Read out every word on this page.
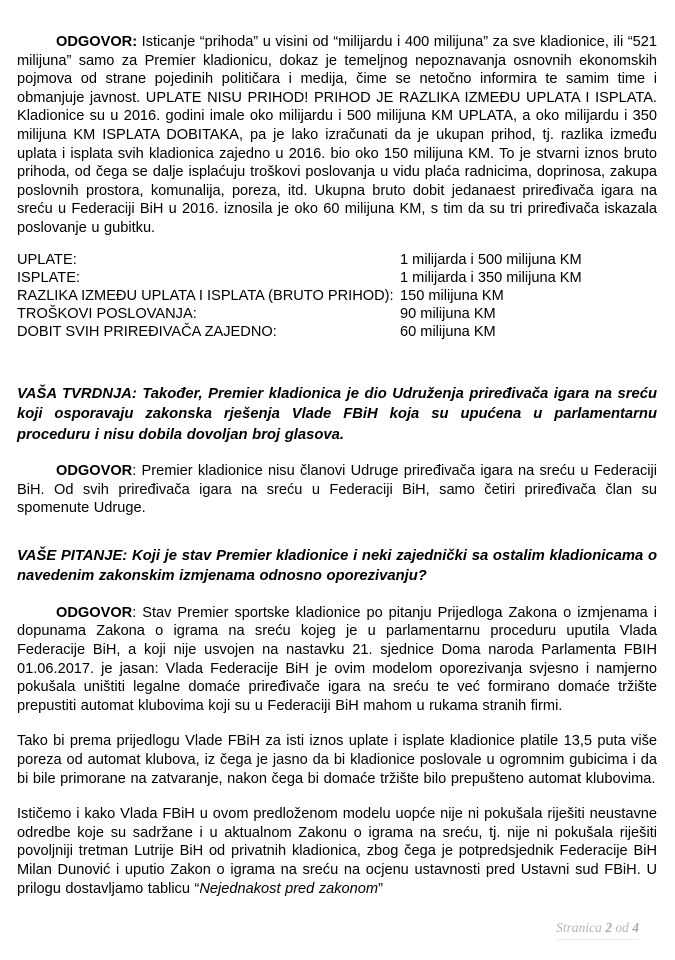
ODGOVOR: Isticanje “prihoda” u visini od “milijardu i 400 milijuna” za sve kladionice, ili “521 milijuna” samo za Premier kladionicu, dokaz je temeljnog nepoznavanja osnovnih ekonomskih pojmova od strane pojedinih političara i medija, čime se netočno informira te samim time i obmanjuje javnost. UPLATE NISU PRIHOD! PRIHOD JE RAZLIKA IZMEĐU UPLATA I ISPLATA. Kladionice su u 2016. godini imale oko milijardu i 500 milijuna KM UPLATA, a oko milijardu i 350 milijuna KM ISPLATA DOBITAKA, pa je lako izračunati da je ukupan prihod, tj. razlika između uplata i isplata svih kladionica zajedno u 2016. bio oko 150 milijuna KM. To je stvarni iznos bruto prihoda, od čega se dalje isplaćuju troškovi poslovanja u vidu plaća radnicima, doprinosa, zakupa poslovnih prostora, komunalija, poreza, itd. Ukupna bruto dobit jedanaest priređivača igara na sreću u Federaciji BiH u 2016. iznosila je oko 60 milijuna KM, s tim da su tri priređivača iskazala poslovanje u gubitku.

UPLATE:	1 milijarda i 500 milijuna KM
ISPLATE:	1 milijarda i 350 milijuna KM
RAZLIKA IZMEĐU UPLATA I ISPLATA (BRUTO PRIHOD): 150 milijuna KM
TROŠKOVI POSLOVANJA:	90 milijuna KM
DOBIT SVIH PRIREĐIVAČA ZAJEDNO:	60 milijuna KM

VAŠA TVRDNJA: Također, Premier kladionica je dio Udruženja priređivača igara na sreću koji osporavaju zakonska rješenja Vlade FBiH koja su upućena u parlamentarnu proceduru i nisu dobila dovoljan broj glasova.

ODGOVOR: Premier kladionice nisu članovi Udruge priređivača igara na sreću u Federaciji BiH. Od svih priređivača igara na sreću u Federaciji BiH, samo četiri priređivača član su spomenute Udruge.

VAŠE PITANJE: Koji je stav Premier kladionice i neki zajednički sa ostalim kladionicama o navedenim zakonskim izmjenama odnosno oporezivanju?

ODGOVOR: Stav Premier sportske kladionice po pitanju Prijedloga Zakona o izmjenama i dopunama Zakona o igrama na sreću kojeg je u parlamentarnu proceduru uputila Vlada Federacije BiH, a koji nije usvojen na nastavku 21. sjednice Doma naroda Parlamenta FBIH 01.06.2017. je jasan: Vlada Federacije BiH je ovim modelom oporezivanja svjesno i namjerno pokušala uništiti legalne domaće priređivače igara na sreću te već formirano domaće tržište prepustiti automat klubovima koji su u Federaciji BiH mahom u rukama stranih firmi.

Tako bi prema prijedlogu Vlade FBiH za isti iznos uplate i isplate kladionice platile 13,5 puta više poreza od automat klubova, iz čega je jasno da bi kladionice poslovale u ogromnim gubicima i da bi bile primorane na zatvaranje, nakon čega bi domaće tržište bilo prepušteno automat klubovima.

Ističemo i kako Vlada FBiH u ovom predloženom modelu uopće nije ni pokušala riješiti neustavne odredbe koje su sadržane i u aktualnom Zakonu o igrama na sreću, tj. nije ni pokušala riješiti povoljniji tretman Lutrije BiH od privatnih kladionica, zbog čega je potpredsjednik Federacije BiH Milan Dunović i uputio Zakon o igrama na sreću na ocjenu ustavnosti pred Ustavni sud FBiH. U prilogu dostavljamo tablicu “Nejednakost pred zakonom”

Stranica 2 od 4
